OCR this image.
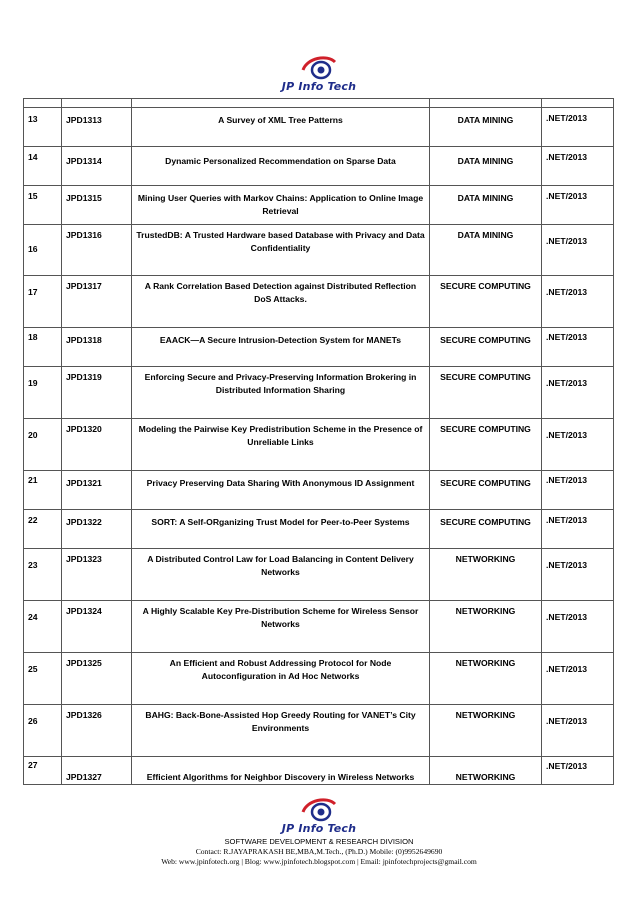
JP Info Tech

13	JPD1313	A Survey of XML Tree Patterns	DATA MINING	.NET/2013
14	JPD1314	Dynamic Personalized Recommendation on Sparse Data	DATA MINING	.NET/2013
15	JPD1315	Mining User Queries with Markov Chains: Application to Online Image Retrieval	DATA MINING	.NET/2013
16	JPD1316	TrustedDB: A Trusted Hardware based Database with Privacy and Data Confidentiality	DATA MINING	.NET/2013
17	JPD1317	A Rank Correlation Based Detection against Distributed Reflection DoS Attacks.	SECURE COMPUTING	.NET/2013
18	JPD1318	EAACK—A Secure Intrusion-Detection System for MANETs	SECURE COMPUTING	.NET/2013
19	JPD1319	Enforcing Secure and Privacy-Preserving Information Brokering in Distributed Information Sharing	SECURE COMPUTING	.NET/2013
20	JPD1320	Modeling the Pairwise Key Predistribution Scheme in the Presence of Unreliable Links	SECURE COMPUTING	.NET/2013
21	JPD1321	Privacy Preserving Data Sharing With Anonymous ID Assignment	SECURE COMPUTING	.NET/2013
22	JPD1322	SORT: A Self-ORganizing Trust Model for Peer-to-Peer Systems	SECURE COMPUTING	.NET/2013
23	JPD1323	A Distributed Control Law for Load Balancing in Content Delivery Networks	NETWORKING	.NET/2013
24	JPD1324	A Highly Scalable Key Pre-Distribution Scheme for Wireless Sensor Networks	NETWORKING	.NET/2013
25	JPD1325	An Efficient and Robust Addressing Protocol for Node Autoconfiguration in Ad Hoc Networks	NETWORKING	.NET/2013
26	JPD1326	BAHG: Back-Bone-Assisted Hop Greedy Routing for VANET’s City Environments	NETWORKING	.NET/2013
27	JPD1327	Efficient Algorithms for Neighbor Discovery in Wireless Networks	NETWORKING	.NET/2013
JP Info Tech
SOFTWARE DEVELOPMENT & RESEARCH DIVISION
Contact: R.JAYAPRAKASH BE,MBA,M.Tech., (Ph.D.) Mobile: (0)9952649690
Web: www.jpinfotech.org | Blog: www.jpinfotech.blogspot.com | Email: jpinfotechprojects@gmail.com
